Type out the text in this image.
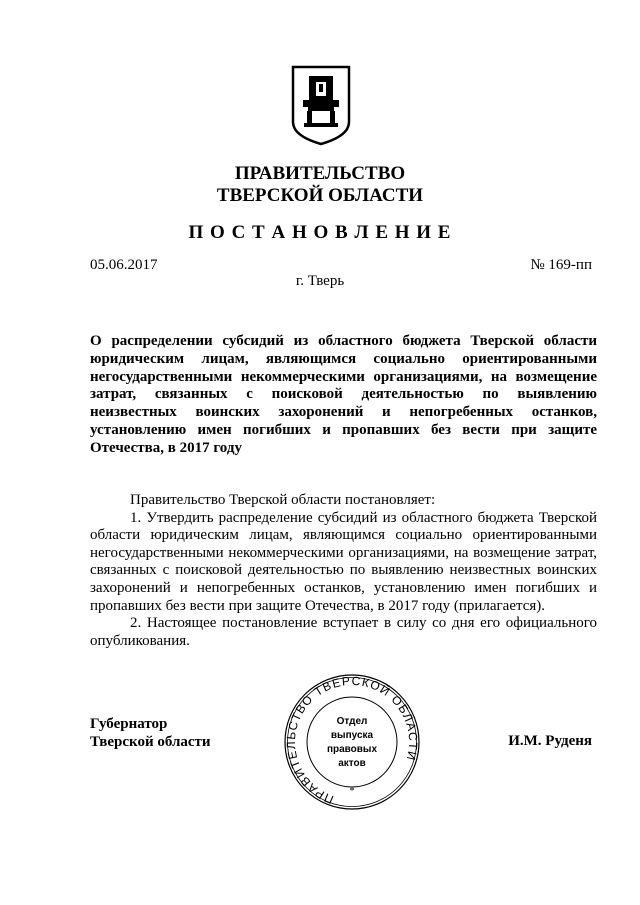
ПРАВИТЕЛЬСТВО
ТВЕРСКОЙ ОБЛАСТИ
П О С Т А Н О В Л Е Н И Е
05.06.2017	№ 169-пп
г. Тверь
О распределении субсидий из областного бюджета Тверской области юридическим лицам, являющимся социально ориентированными негосударственными некоммерческими организациями, на возмещение затрат, связанных с поисковой деятельностью по выявлению неизвестных воинских захоронений и непогребенных останков, установлению имен погибших и пропавших без вести при защите Отечества, в 2017 году
Правительство Тверской области постановляет:
1. Утвердить распределение субсидий из областного бюджета Тверской области юридическим лицам, являющимся социально ориентированными негосударственными некоммерческими организациями, на возмещение затрат, связанных с поисковой деятельностью по выявлению неизвестных воинских захоронений и непогребенных останков, установлению имен погибших и пропавших без вести при защите Отечества, в 2017 году (прилагается).
2. Настоящее постановление вступает в силу со дня его официального опубликования.
Губернатор
Тверской области	И.М. Руденя
ПРАВИТЕЛЬСТВО ТВЕРСКОЙ ОБЛАСТИ
*
Отдел
выпуска
правовых
актов
